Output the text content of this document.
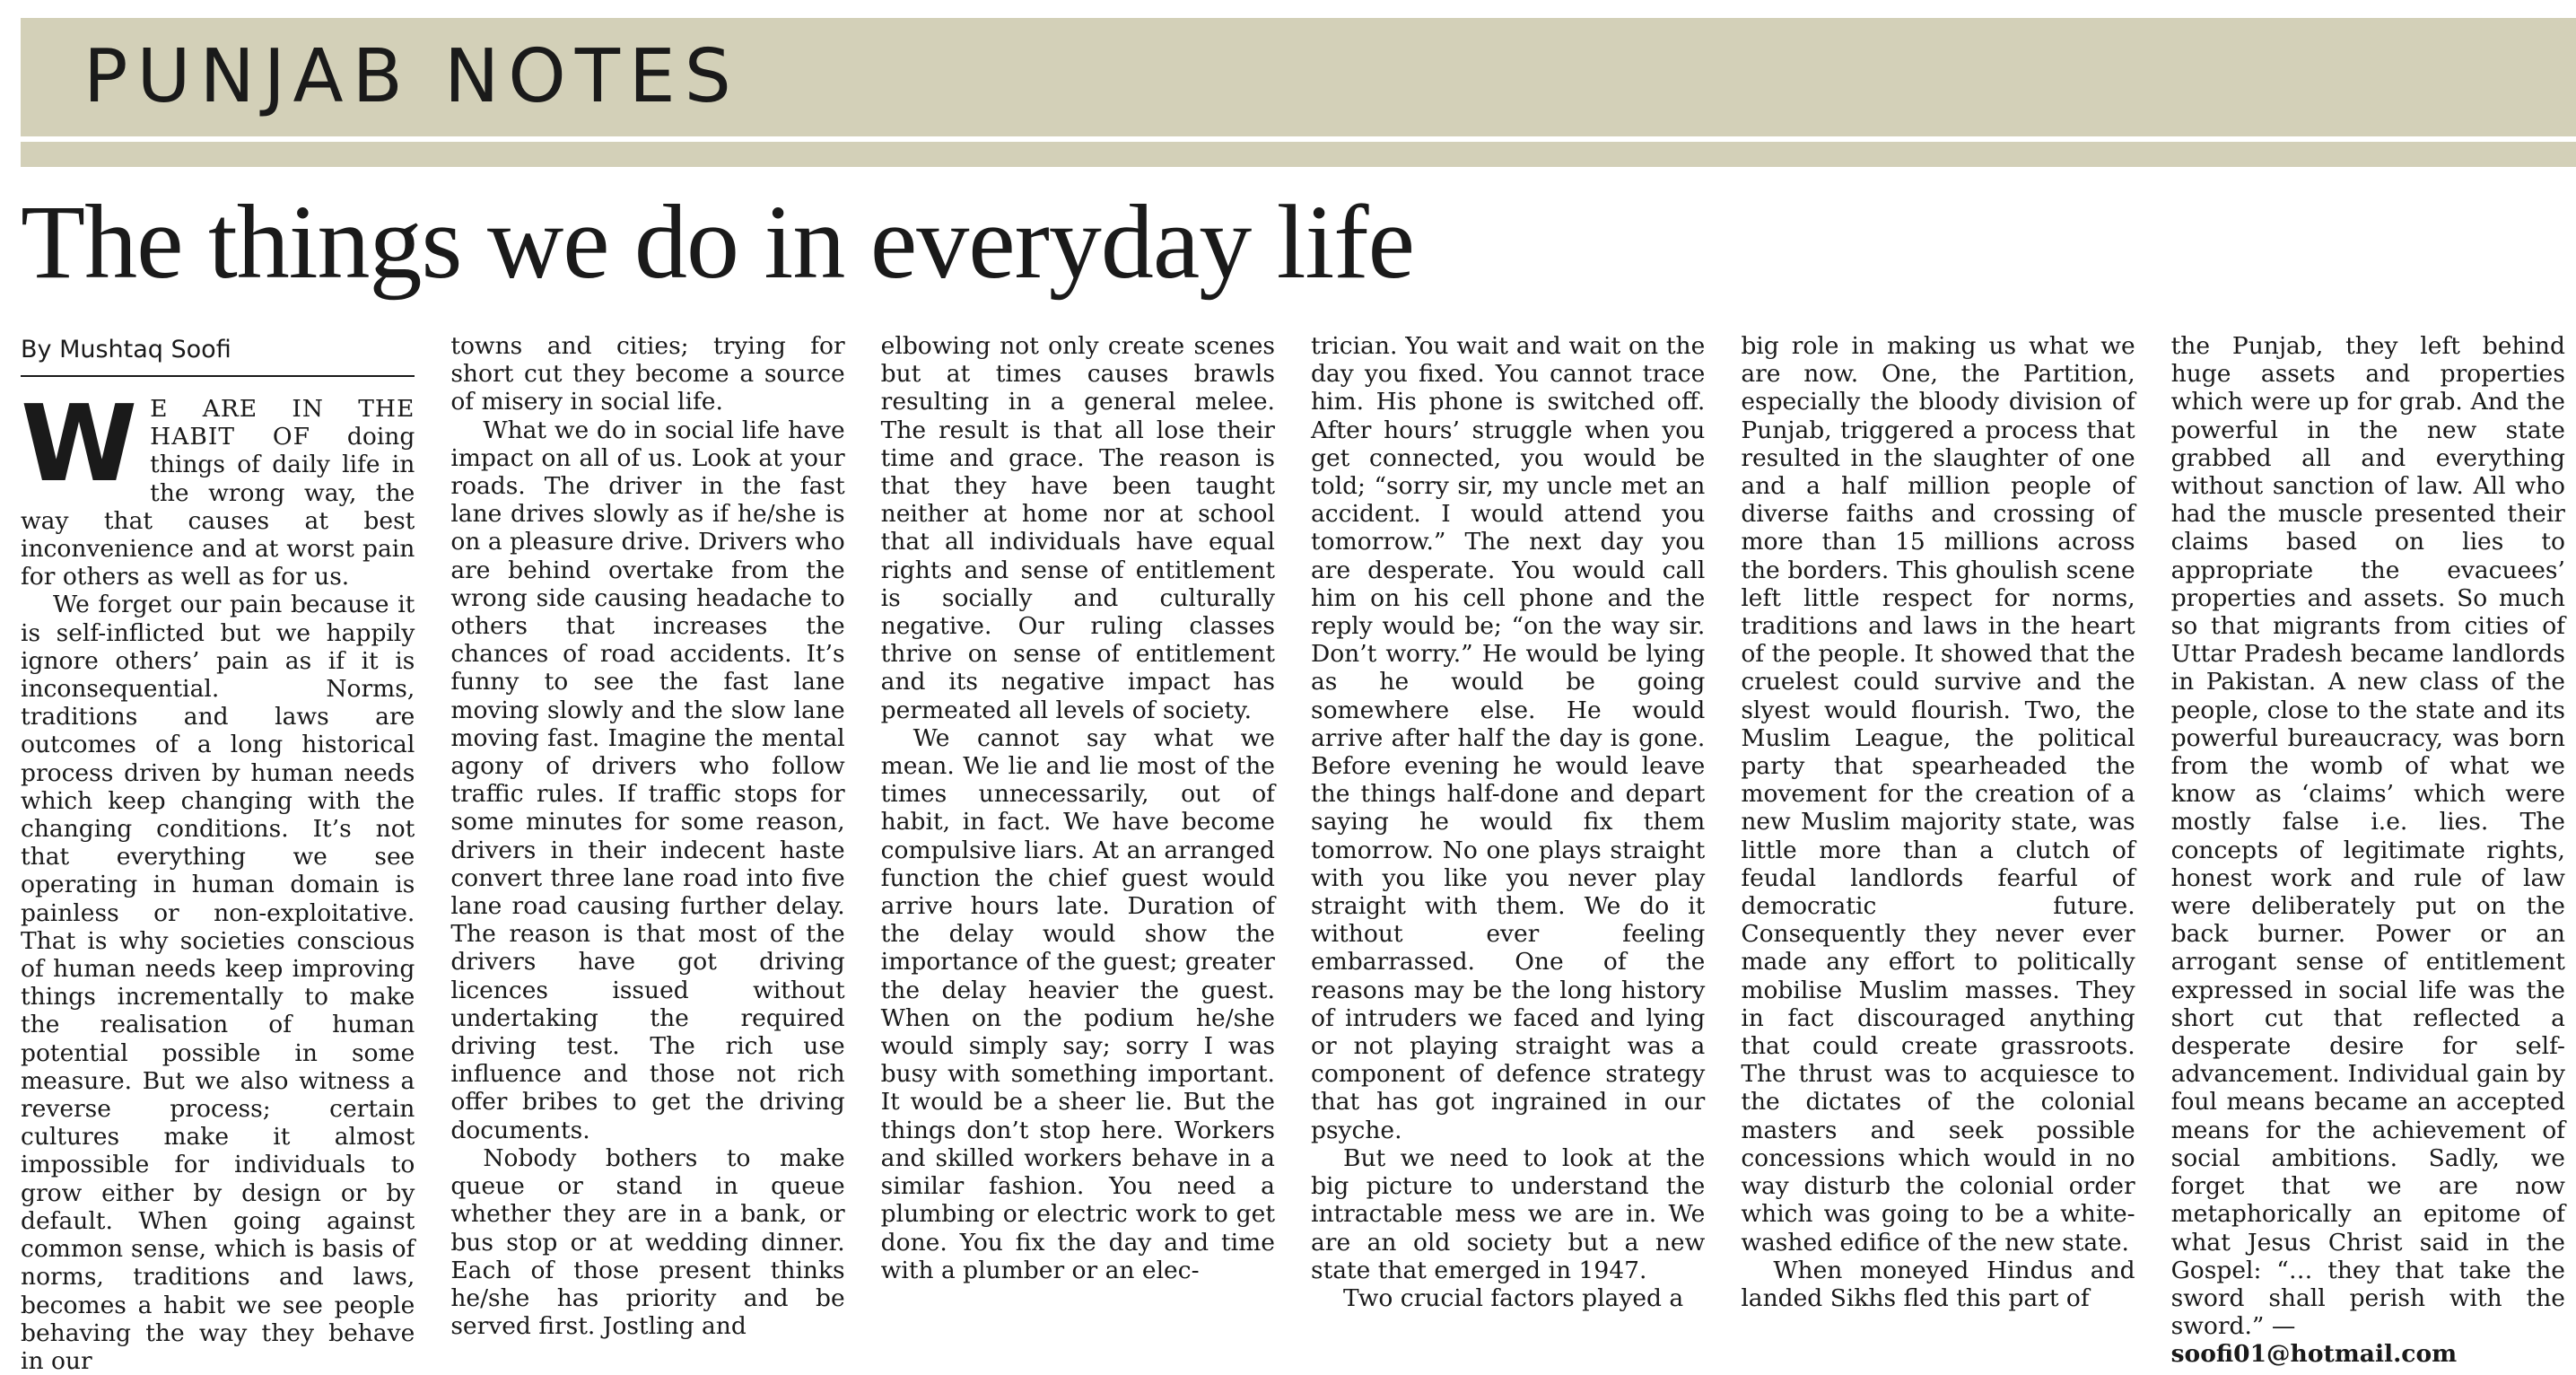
PUNJAB NOTES
The things we do in everyday life
By Mushtaq Soofi

WE ARE IN THE HABIT OF doing things of daily life in the wrong way, the way that causes at best inconvenience and at worst pain for others as well as for us.

We forget our pain because it is self-inflicted but we happily ignore others’ pain as if it is inconsequential. Norms, traditions and laws are outcomes of a long historical process driven by human needs which keep changing with the changing conditions. It’s not that everything we see operating in human domain is painless or non-exploitative. That is why societies conscious of human needs keep improving things incrementally to make the realisation of human potential possible in some measure. But we also witness a reverse process; certain cultures make it almost impossible for individuals to grow either by design or by default. When going against common sense, which is basis of norms, traditions and laws, becomes a habit we see people behaving the way they behave in our

towns and cities; trying for short cut they become a source of misery in social life.

What we do in social life have impact on all of us. Look at your roads. The driver in the fast lane drives slowly as if he/she is on a pleasure drive. Drivers who are behind overtake from the wrong side causing headache to others that increases the chances of road accidents. It’s funny to see the fast lane moving slowly and the slow lane moving fast. Imagine the mental agony of drivers who follow traffic rules. If traffic stops for some minutes for some reason, drivers in their indecent haste convert three lane road into five lane road causing further delay. The reason is that most of the drivers have got driving licences issued without undertaking the required driving test. The rich use influence and those not rich offer bribes to get the driving documents.

Nobody bothers to make queue or stand in queue whether they are in a bank, or bus stop or at wedding dinner. Each of those present thinks he/she has priority and be served first. Jostling and

elbowing not only create scenes but at times causes brawls resulting in a general melee. The result is that all lose their time and grace. The reason is that they have been taught neither at home nor at school that all individuals have equal rights and sense of entitlement is socially and culturally negative. Our ruling classes thrive on sense of entitlement and its negative impact has permeated all levels of society.

We cannot say what we mean. We lie and lie most of the times unnecessarily, out of habit, in fact. We have become compulsive liars. At an arranged function the chief guest would arrive hours late. Duration of the delay would show the importance of the guest; greater the delay heavier the guest. When on the podium he/she would simply say; sorry I was busy with something important. It would be a sheer lie. But the things don’t stop here. Workers and skilled workers behave in a similar fashion. You need a plumbing or electric work to get done. You fix the day and time with a plumber or an elec-

trician. You wait and wait on the day you fixed. You cannot trace him. His phone is switched off. After hours’ struggle when you get connected, you would be told; “sorry sir, my uncle met an accident. I would attend you tomorrow.” The next day you are desperate. You would call him on his cell phone and the reply would be; “on the way sir. Don’t worry.” He would be lying as he would be going somewhere else. He would arrive after half the day is gone. Before evening he would leave the things half-done and depart saying he would fix them tomorrow. No one plays straight with you like you never play straight with them. We do it without ever feeling embarrassed. One of the reasons may be the long history of intruders we faced and lying or not playing straight was a component of defence strategy that has got ingrained in our psyche.

But we need to look at the big picture to understand the intractable mess we are in. We are an old society but a new state that emerged in 1947.

Two crucial factors played a

big role in making us what we are now. One, the Partition, especially the bloody division of Punjab, triggered a process that resulted in the slaughter of one and a half million people of diverse faiths and crossing of more than 15 millions across the borders. This ghoulish scene left little respect for norms, traditions and laws in the heart of the people. It showed that the cruelest could survive and the slyest would flourish. Two, the Muslim League, the political party that spearheaded the movement for the creation of a new Muslim majority state, was little more than a clutch of feudal landlords fearful of democratic future. Consequently they never ever made any effort to politically mobilise Muslim masses. They in fact discouraged anything that could create grassroots. The thrust was to acquiesce to the dictates of the colonial masters and seek possible concessions which would in no way disturb the colonial order which was going to be a white-washed edifice of the new state.

When moneyed Hindus and landed Sikhs fled this part of

the Punjab, they left behind huge assets and properties which were up for grab. And the powerful in the new state grabbed all and everything without sanction of law. All who had the muscle presented their claims based on lies to appropriate the evacuees’ properties and assets. So much so that migrants from cities of Uttar Pradesh became landlords in Pakistan. A new class of the people, close to the state and its powerful bureaucracy, was born from the womb of what we know as ‘claims’ which were mostly false i.e. lies. The concepts of legitimate rights, honest work and rule of law were deliberately put on the back burner. Power or an arrogant sense of entitlement expressed in social life was the short cut that reflected a desperate desire for self-advancement. Individual gain by foul means became an accepted means for the achievement of social ambitions. Sadly, we forget that we are now metaphorically an epitome of what Jesus Christ said in the Gospel: “… they that take the sword shall perish with the sword.” —

soofi01@hotmail.com
